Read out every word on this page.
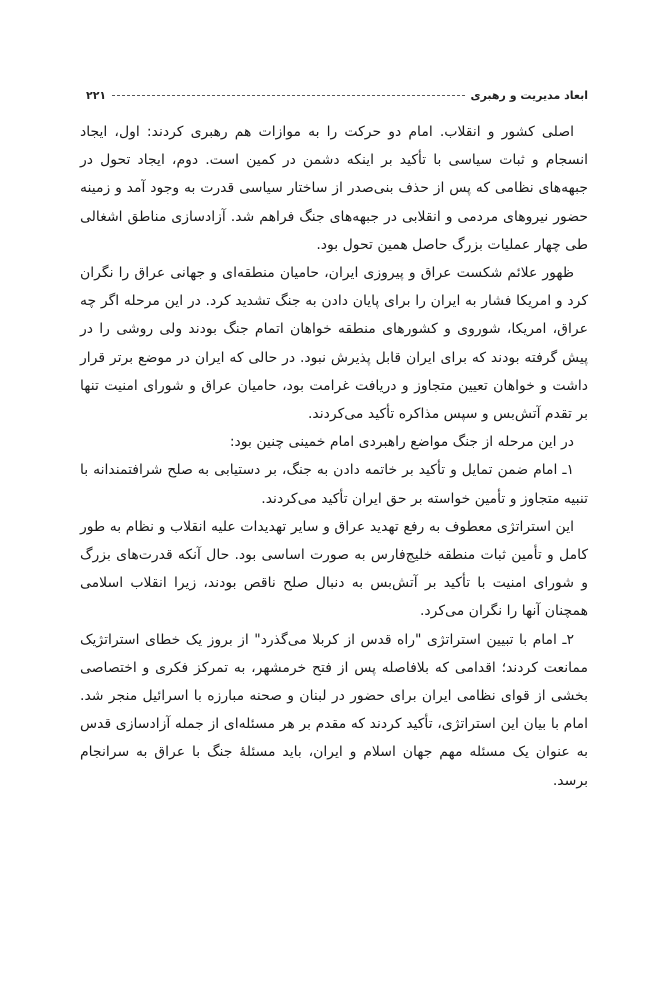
ابعاد مدیریت و رهبری
۲۲۱

اصلی کشور و انقلاب. امام دو حرکت را به موازات هم رهبری کردند: اول، ایجاد انسجام و ثبات سیاسی با تأکید بر اینکه دشمن در کمین است. دوم، ایجاد تحول در جبهه‌های نظامی که پس از حذف بنی‌صدر از ساختار سیاسی قدرت به وجود آمد و زمینه حضور نیروهای مردمی و انقلابی در جبهه‌های جنگ فراهم شد. آزادسازی مناطق اشغالی طی چهار عملیات بزرگ حاصل همین تحول بود.

ظهور علائم شکست عراق و پیروزی ایران، حامیان منطقه‌ای و جهانی عراق را نگران کرد و امریکا فشار به ایران را برای پایان دادن به جنگ تشدید کرد. در این مرحله اگر چه عراق، امریکا، شوروی و کشورهای منطقه خواهان اتمام جنگ بودند ولی روشی را در پیش گرفته بودند که برای ایران قابل پذیرش نبود. در حالی که ایران در موضع برتر قرار داشت و خواهان تعیین متجاوز و دریافت غرامت بود، حامیان عراق و شورای امنیت تنها بر تقدم آتش‌بس و سپس مذاکره تأکید می‌کردند.

در این مرحله از جنگ مواضع راهبردی امام خمینی چنین بود:

۱ـ امام ضمن تمایل و تأکید بر خاتمه دادن به جنگ، بر دستیابی به صلح شرافتمندانه با تنبیه متجاوز و تأمین خواسته بر حق ایران تأکید می‌کردند.

این استراتژی معطوف به رفع تهدید عراق و سایر تهدیدات علیه انقلاب و نظام به طور کامل و تأمین ثبات منطقه خلیج‌فارس به صورت اساسی بود. حال آنکه قدرت‌های بزرگ و شورای امنیت با تأکید بر آتش‌بس به دنبال صلح ناقص بودند، زیرا انقلاب اسلامی همچنان آنها را نگران می‌کرد.

۲ـ امام با تبیین استراتژی "راه قدس از کربلا می‌گذرد" از بروز یک خطای استراتژیک ممانعت کردند؛ اقدامی که بلافاصله پس از فتح خرمشهر، به تمرکز فکری و اختصاصی بخشی از قوای نظامی ایران برای حضور در لبنان و صحنه مبارزه با اسرائیل منجر شد. امام با بیان این استراتژی، تأکید کردند که مقدم بر هر مسئله‌ای از جمله آزادسازی قدس به عنوان یک مسئله مهم جهان اسلام و ایران، باید مسئلهٔ جنگ با عراق به سرانجام برسد.
